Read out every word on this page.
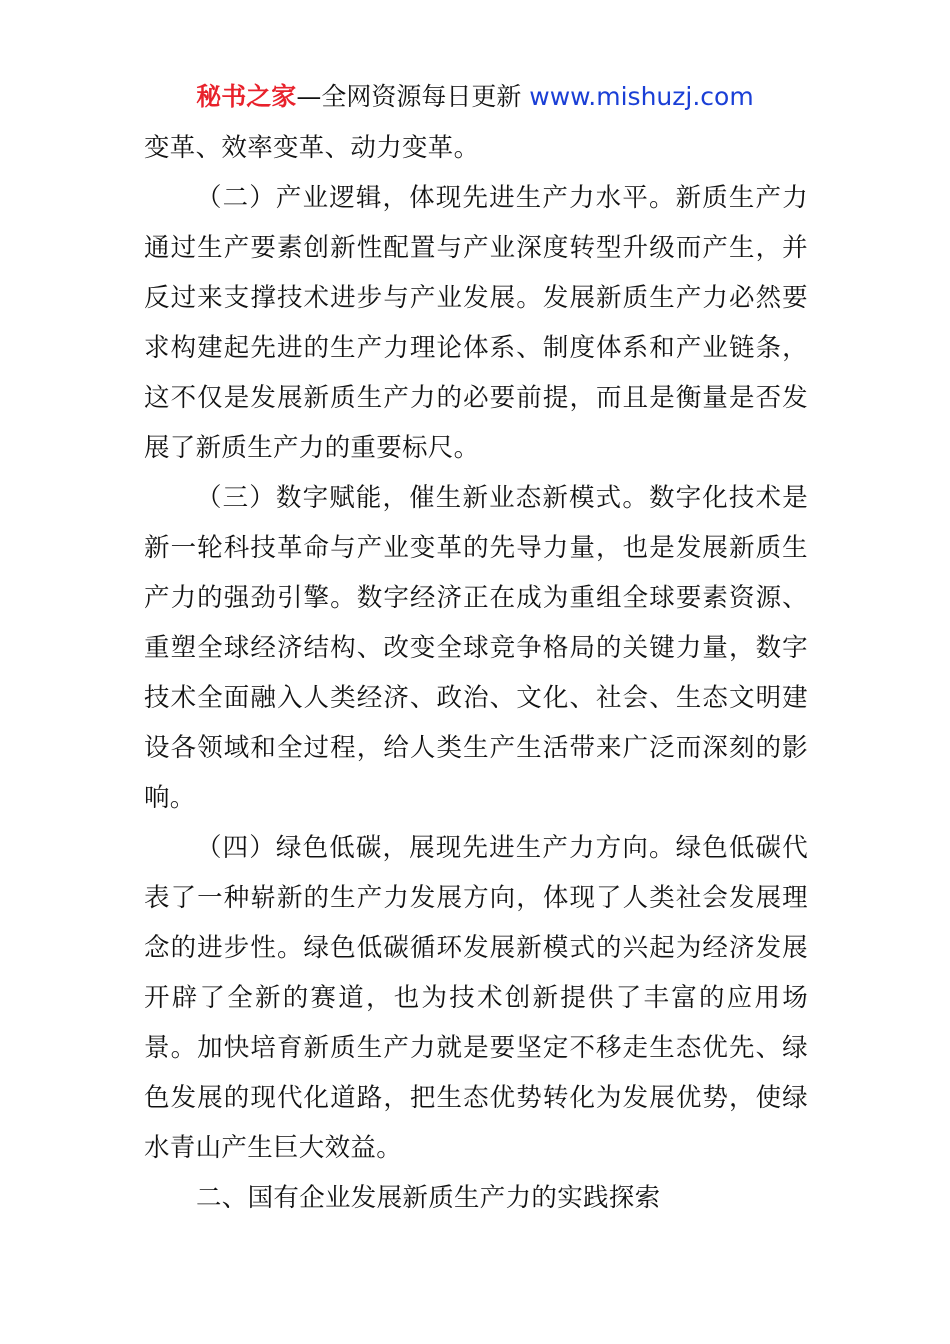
秘书之家—全网资源每日更新 www.mishuzj.com

变革、效率变革、动力变革。

（二）产业逻辑，体现先进生产力水平。新质生产力通过生产要素创新性配置与产业深度转型升级而产生，并反过来支撑技术进步与产业发展。发展新质生产力必然要求构建起先进的生产力理论体系、制度体系和产业链条，这不仅是发展新质生产力的必要前提，而且是衡量是否发展了新质生产力的重要标尺。

（三）数字赋能，催生新业态新模式。数字化技术是新一轮科技革命与产业变革的先导力量，也是发展新质生产力的强劲引擎。数字经济正在成为重组全球要素资源、重塑全球经济结构、改变全球竞争格局的关键力量，数字技术全面融入人类经济、政治、文化、社会、生态文明建设各领域和全过程，给人类生产生活带来广泛而深刻的影响。

（四）绿色低碳，展现先进生产力方向。绿色低碳代表了一种崭新的生产力发展方向，体现了人类社会发展理念的进步性。绿色低碳循环发展新模式的兴起为经济发展开辟了全新的赛道，也为技术创新提供了丰富的应用场景。加快培育新质生产力就是要坚定不移走生态优先、绿色发展的现代化道路，把生态优势转化为发展优势，使绿水青山产生巨大效益。

二、国有企业发展新质生产力的实践探索
